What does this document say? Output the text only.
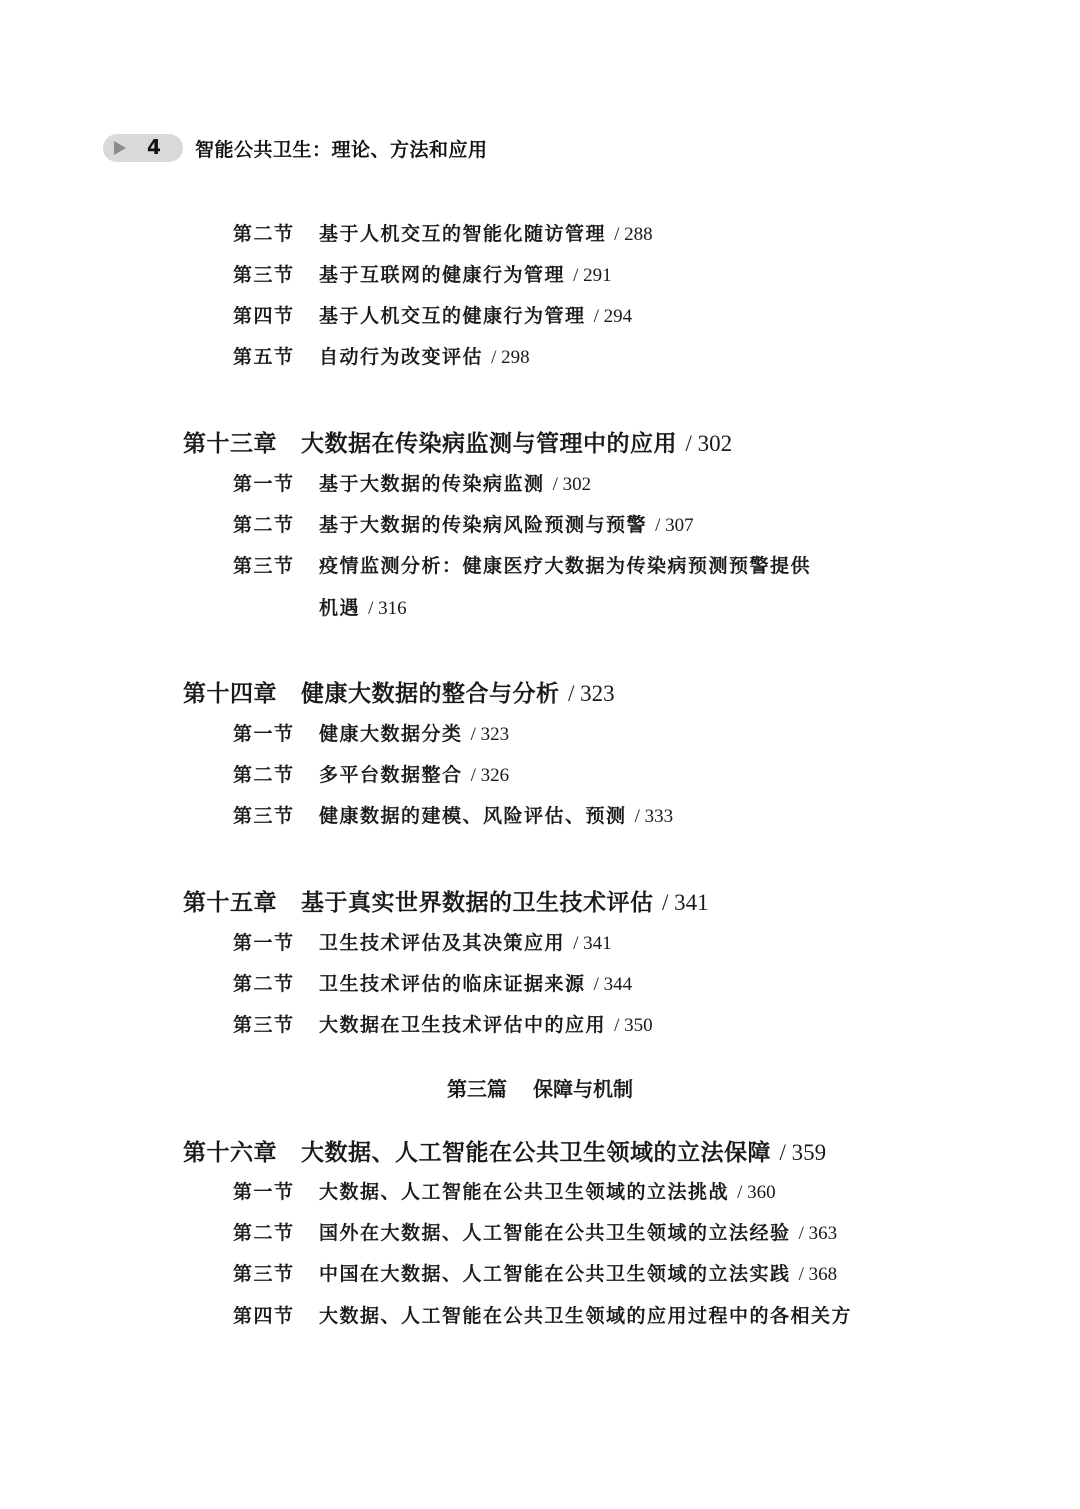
4 智能公共卫生：理论、方法和应用
第二节 基于人机交互的智能化随访管理 / 288
第三节 基于互联网的健康行为管理 / 291
第四节 基于人机交互的健康行为管理 / 294
第五节 自动行为改变评估 / 298
第十三章 大数据在传染病监测与管理中的应用 / 302
第一节 基于大数据的传染病监测 / 302
第二节 基于大数据的传染病风险预测与预警 / 307
第三节 疫情监测分析：健康医疗大数据为传染病预测预警提供
机遇 / 316
第十四章 健康大数据的整合与分析 / 323
第一节 健康大数据分类 / 323
第二节 多平台数据整合 / 326
第三节 健康数据的建模、风险评估、预测 / 333
第十五章 基于真实世界数据的卫生技术评估 / 341
第一节 卫生技术评估及其决策应用 / 341
第二节 卫生技术评估的临床证据来源 / 344
第三节 大数据在卫生技术评估中的应用 / 350
第三篇 保障与机制
第十六章 大数据、人工智能在公共卫生领域的立法保障 / 359
第一节 大数据、人工智能在公共卫生领域的立法挑战 / 360
第二节 国外在大数据、人工智能在公共卫生领域的立法经验 / 363
第三节 中国在大数据、人工智能在公共卫生领域的立法实践 / 368
第四节 大数据、人工智能在公共卫生领域的应用过程中的各相关方
